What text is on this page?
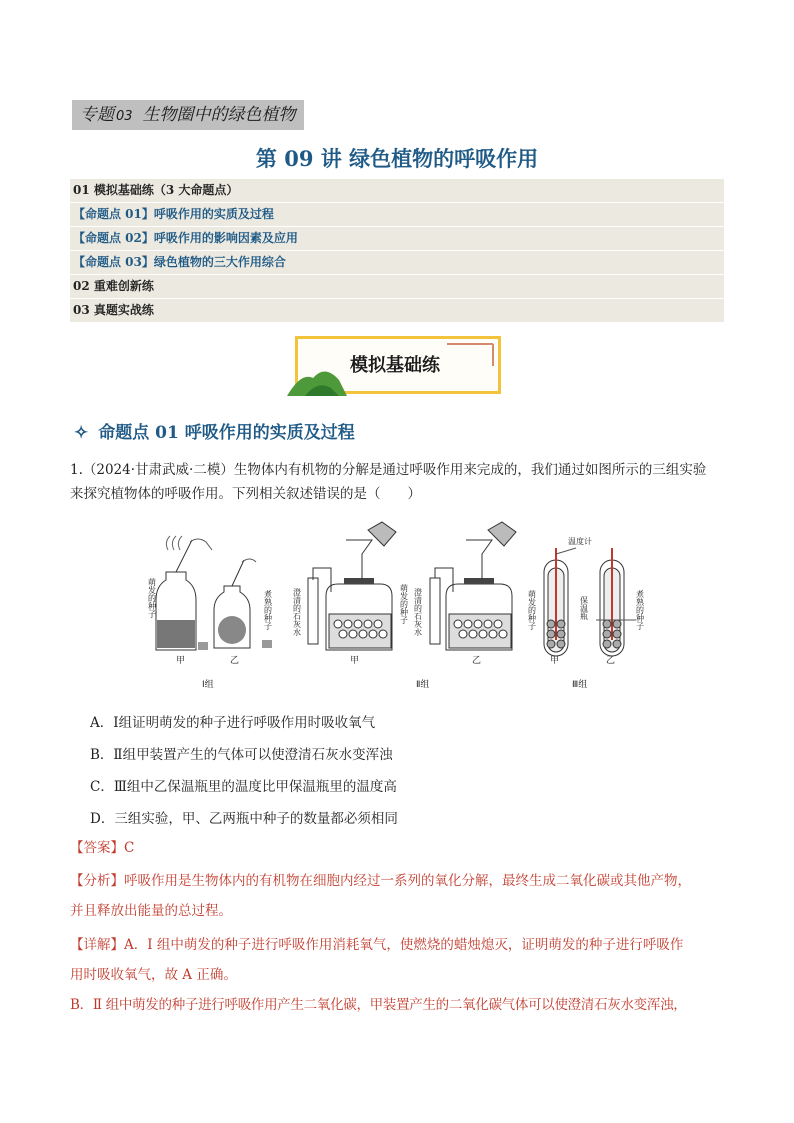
专题 03 生物圈中的绿色植物
第 09 讲 绿色植物的呼吸作用
01 模拟基础练（3 大命题点）
【命题点 01】呼吸作用的实质及过程
【命题点 02】呼吸作用的影响因素及应用
【命题点 03】绿色植物的三大作用综合
02 重难创新练
03 真题实战练
模拟基础练
✧ 命题点 01 呼吸作用的实质及过程
1.（2024·甘肃武威·二模）生物体内有机物的分解是通过呼吸作用来完成的，我们通过如图所示的三组实验
来探究植物体的呼吸作用。下列相关叙述错误的是（　　）
萌发的种子	煮熟的种子
甲	乙
Ⅰ组
澄清的石灰水	萌发的种子
甲
澄清的石灰水
乙
Ⅱ组
温度计
萌发的种子	保温瓶	煮熟的种子
甲	乙
Ⅲ组
A．Ⅰ组证明萌发的种子进行呼吸作用时吸收氧气
B．Ⅱ组甲装置产生的气体可以使澄清石灰水变浑浊
C．Ⅲ组中乙保温瓶里的温度比甲保温瓶里的温度高
D．三组实验，甲、乙两瓶中种子的数量都必须相同
【答案】C
【分析】呼吸作用是生物体内的有机物在细胞内经过一系列的氧化分解，最终生成二氧化碳或其他产物，
并且释放出能量的总过程。
【详解】A．Ⅰ 组中萌发的种子进行呼吸作用消耗氧气，使燃烧的蜡烛熄灭，证明萌发的种子进行呼吸作
用时吸收氧气，故 A 正确。
B．Ⅱ 组中萌发的种子进行呼吸作用产生二氧化碳，甲装置产生的二氧化碳气体可以使澄清石灰水变浑浊，
